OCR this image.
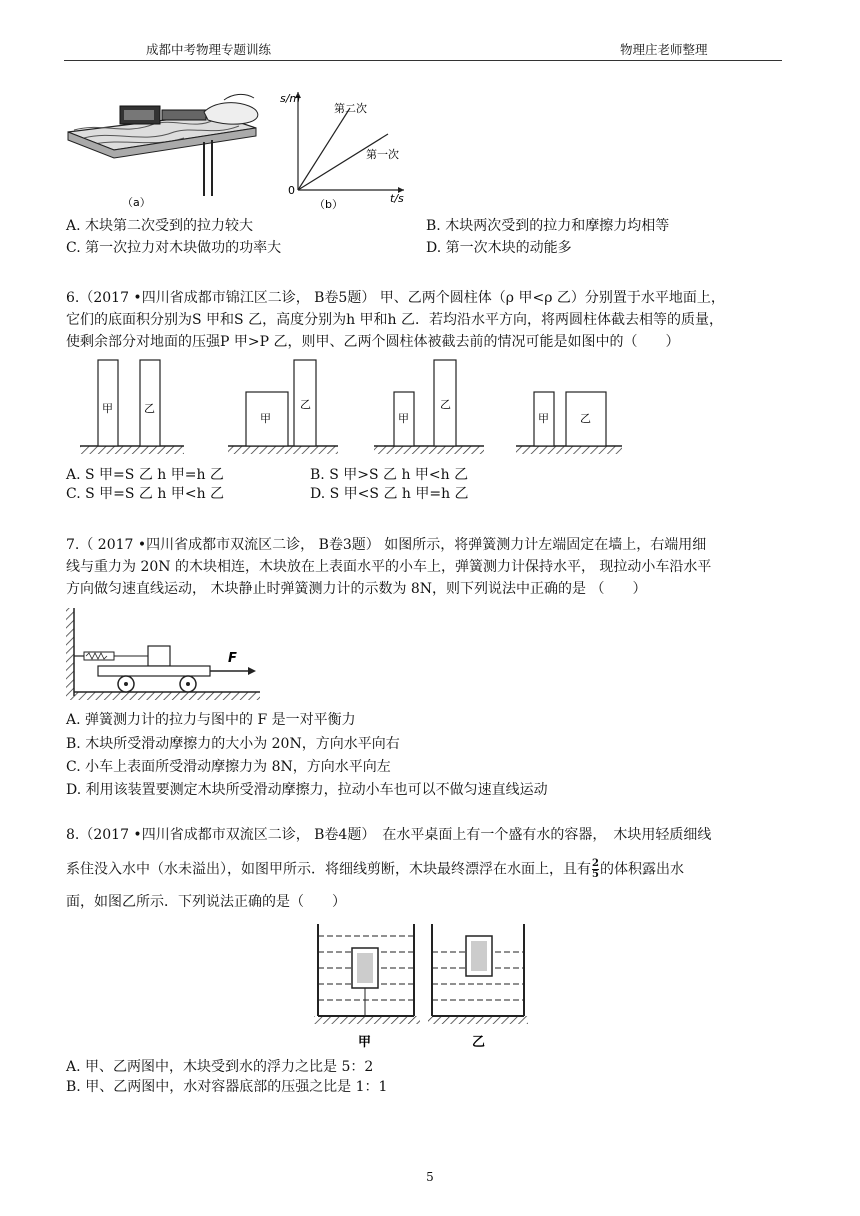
成都中考物理专题训练	物理庄老师整理
（a）
s/m
t/s
0
第二次
第一次
（b）
A. 木块第二次受到的拉力较大	B. 木块两次受到的拉力和摩擦力均相等
C. 第一次拉力对木块做功的功率大	D. 第一次木块的动能多
6.（2017 •四川省成都市锦江区二诊， B卷5题） 甲、乙两个圆柱体（ρ 甲<ρ 乙）分别置于水平地面上，
它们的底面积分别为S 甲和S 乙，高度分别为h 甲和h 乙．若均沿水平方向，将两圆柱体截去相等的质量，
使剩余部分对地面的压强P 甲>P 乙，则甲、乙两个圆柱体被截去前的情况可能是如图中的（　　）
甲	乙
甲
乙
甲
乙
甲	乙
A. S 甲=S 乙 h 甲=h 乙	B. S 甲>S 乙 h 甲<h 乙
C. S 甲=S 乙 h 甲<h 乙	D. S 甲<S 乙 h 甲=h 乙
7.（ 2017 •四川省成都市双流区二诊， B卷3题） 如图所示，将弹簧测力计左端固定在墙上，右端用细
线与重力为 20N 的木块相连，木块放在上表面水平的小车上，弹簧测力计保持水平， 现拉动小车沿水平
方向做匀速直线运动， 木块静止时弹簧测力计的示数为 8N，则下列说法中正确的是 （　　）
F
A. 弹簧测力计的拉力与图中的 F 是一对平衡力
B. 木块所受滑动摩擦力的大小为 20N，方向水平向右
C. 小车上表面所受滑动摩擦力为 8N，方向水平向左
D. 利用该装置要测定木块所受滑动摩擦力，拉动小车也可以不做匀速直线运动
8.（2017 •四川省成都市双流区二诊， B卷4题）　在水平桌面上有一个盛有水的容器，　木块用轻质细线
系住没入水中（水未溢出），如图甲所示．将细线剪断，木块最终漂浮在水面上，且有 $\frac{2}{5}$ 的体积露出水
面，如图乙所示．下列说法正确的是（　　）
甲	乙
A. 甲、乙两图中，木块受到水的浮力之比是 5：2
B. 甲、乙两图中，水对容器底部的压强之比是 1：1
5
